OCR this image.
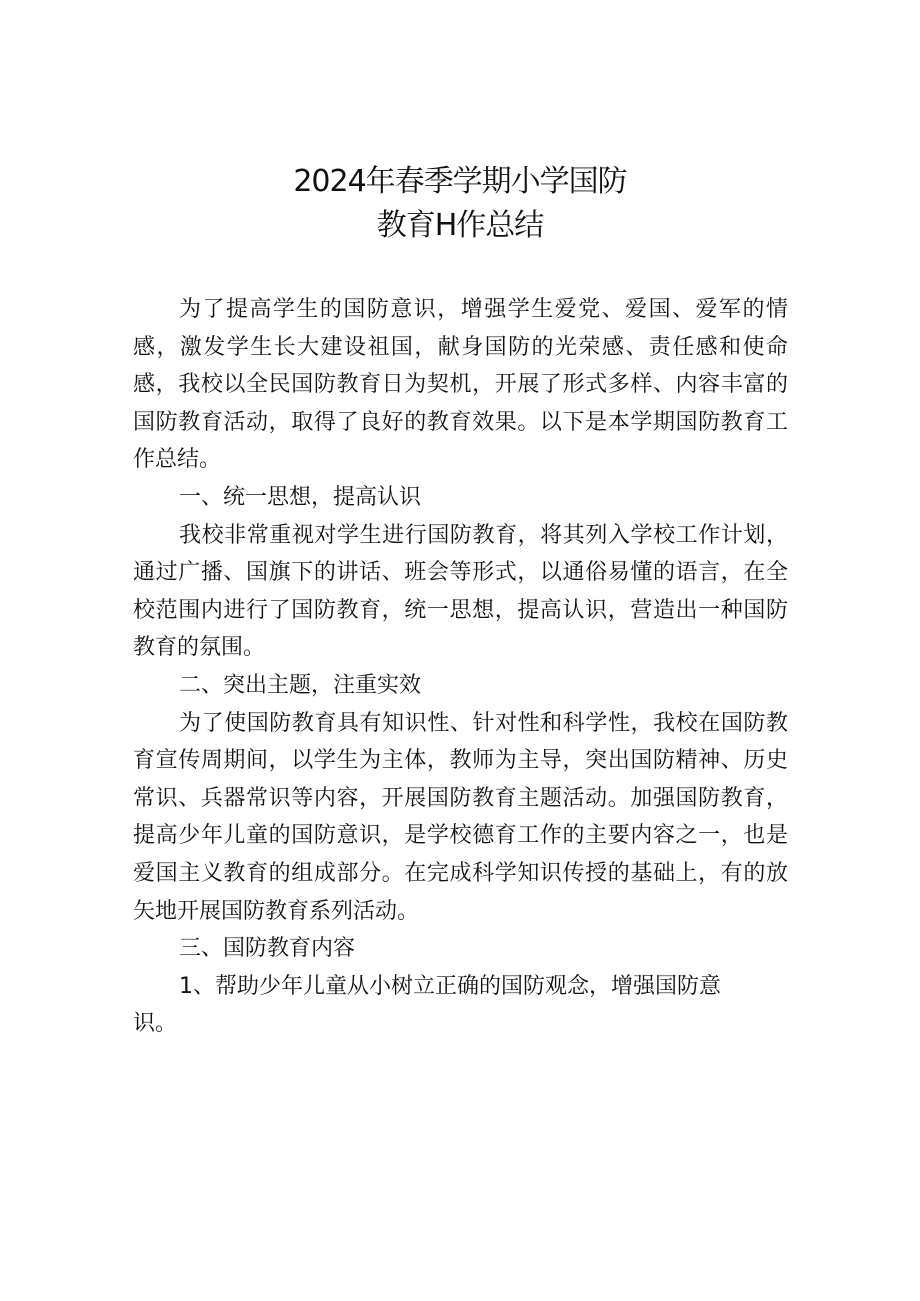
2024年春季学期小学国防
教育H作总结

为了提高学生的国防意识，增强学生爱党、爱国、爱军的情感，激发学生长大建设祖国，献身国防的光荣感、责任感和使命感，我校以全民国防教育日为契机，开展了形式多样、内容丰富的国防教育活动，取得了良好的教育效果。以下是本学期国防教育工作总结。

一、统一思想，提高认识

我校非常重视对学生进行国防教育，将其列入学校工作计划，通过广播、国旗下的讲话、班会等形式，以通俗易懂的语言，在全校范围内进行了国防教育，统一思想，提高认识，营造出一种国防教育的氛围。

二、突出主题，注重实效

为了使国防教育具有知识性、针对性和科学性，我校在国防教育宣传周期间，以学生为主体，教师为主导，突出国防精神、历史常识、兵器常识等内容，开展国防教育主题活动。加强国防教育，提高少年儿童的国防意识，是学校德育工作的主要内容之一，也是爱国主义教育的组成部分。在完成科学知识传授的基础上，有的放矢地开展国防教育系列活动。

三、国防教育内容

1、帮助少年儿童从小树立正确的国防观念，增强国防意

识。
